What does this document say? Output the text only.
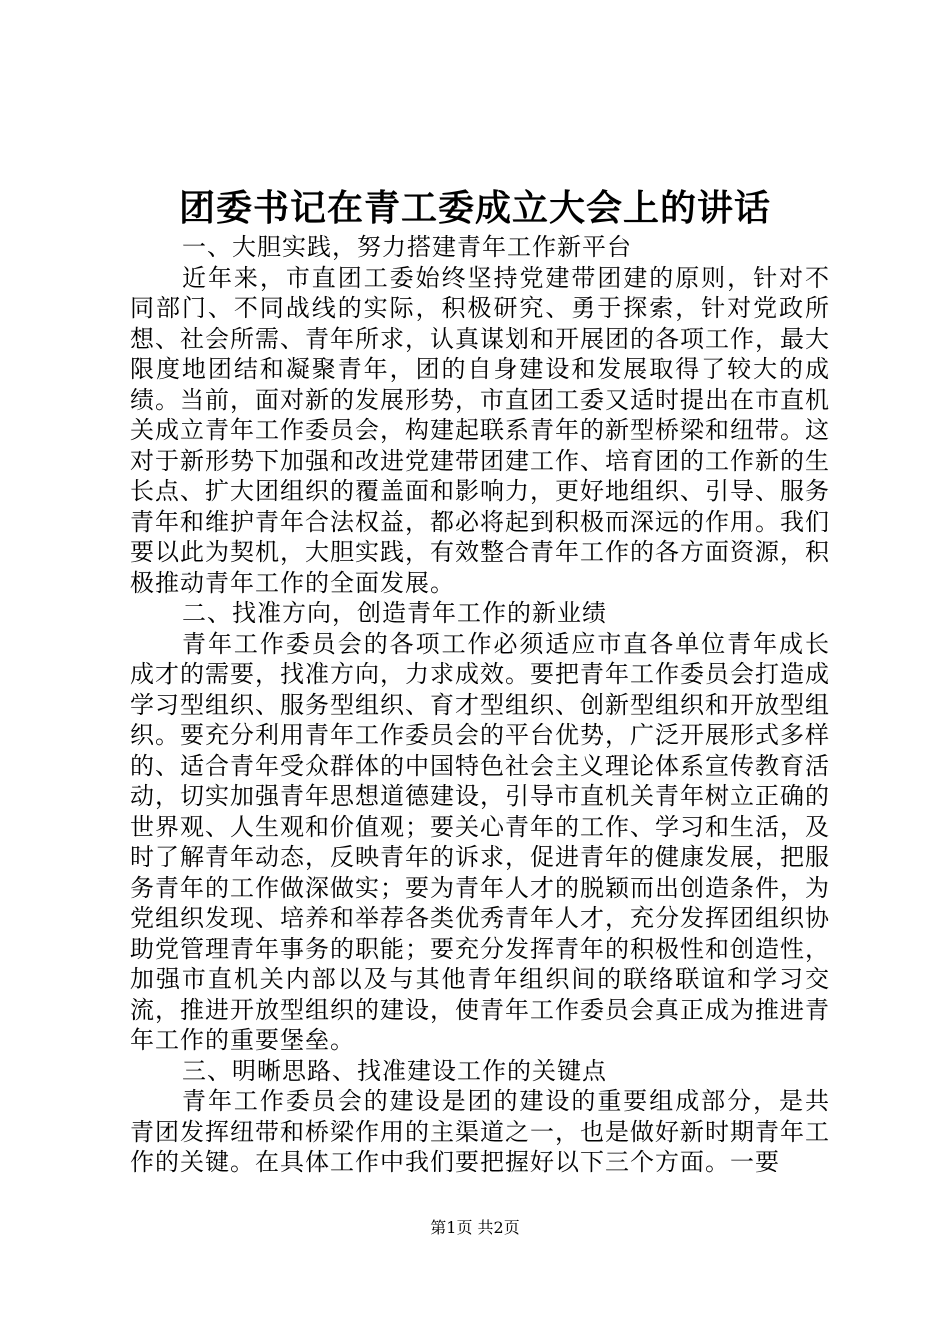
团委书记在青工委成立大会上的讲话

一、大胆实践，努力搭建青年工作新平台

近年来，市直团工委始终坚持党建带团建的原则，针对不同部门、不同战线的实际，积极研究、勇于探索，针对党政所想、社会所需、青年所求，认真谋划和开展团的各项工作，最大限度地团结和凝聚青年，团的自身建设和发展取得了较大的成绩。当前，面对新的发展形势，市直团工委又适时提出在市直机关成立青年工作委员会，构建起联系青年的新型桥梁和纽带。这对于新形势下加强和改进党建带团建工作、培育团的工作新的生长点、扩大团组织的覆盖面和影响力，更好地组织、引导、服务青年和维护青年合法权益，都必将起到积极而深远的作用。我们要以此为契机，大胆实践，有效整合青年工作的各方面资源，积极推动青年工作的全面发展。

二、找准方向，创造青年工作的新业绩

青年工作委员会的各项工作必须适应市直各单位青年成长成才的需要，找准方向，力求成效。要把青年工作委员会打造成学习型组织、服务型组织、育才型组织、创新型组织和开放型组织。要充分利用青年工作委员会的平台优势，广泛开展形式多样的、适合青年受众群体的中国特色社会主义理论体系宣传教育活动，切实加强青年思想道德建设，引导市直机关青年树立正确的世界观、人生观和价值观；要关心青年的工作、学习和生活，及时了解青年动态，反映青年的诉求，促进青年的健康发展，把服务青年的工作做深做实；要为青年人才的脱颖而出创造条件，为党组织发现、培养和举荐各类优秀青年人才，充分发挥团组织协助党管理青年事务的职能；要充分发挥青年的积极性和创造性，加强市直机关内部以及与其他青年组织间的联络联谊和学习交流，推进开放型组织的建设，使青年工作委员会真正成为推进青年工作的重要堡垒。

三、明晰思路、找准建设工作的关键点

青年工作委员会的建设是团的建设的重要组成部分，是共青团发挥纽带和桥梁作用的主渠道之一，也是做好新时期青年工作的关键。在具体工作中我们要把握好以下三个方面。一要

第1页 共2页
